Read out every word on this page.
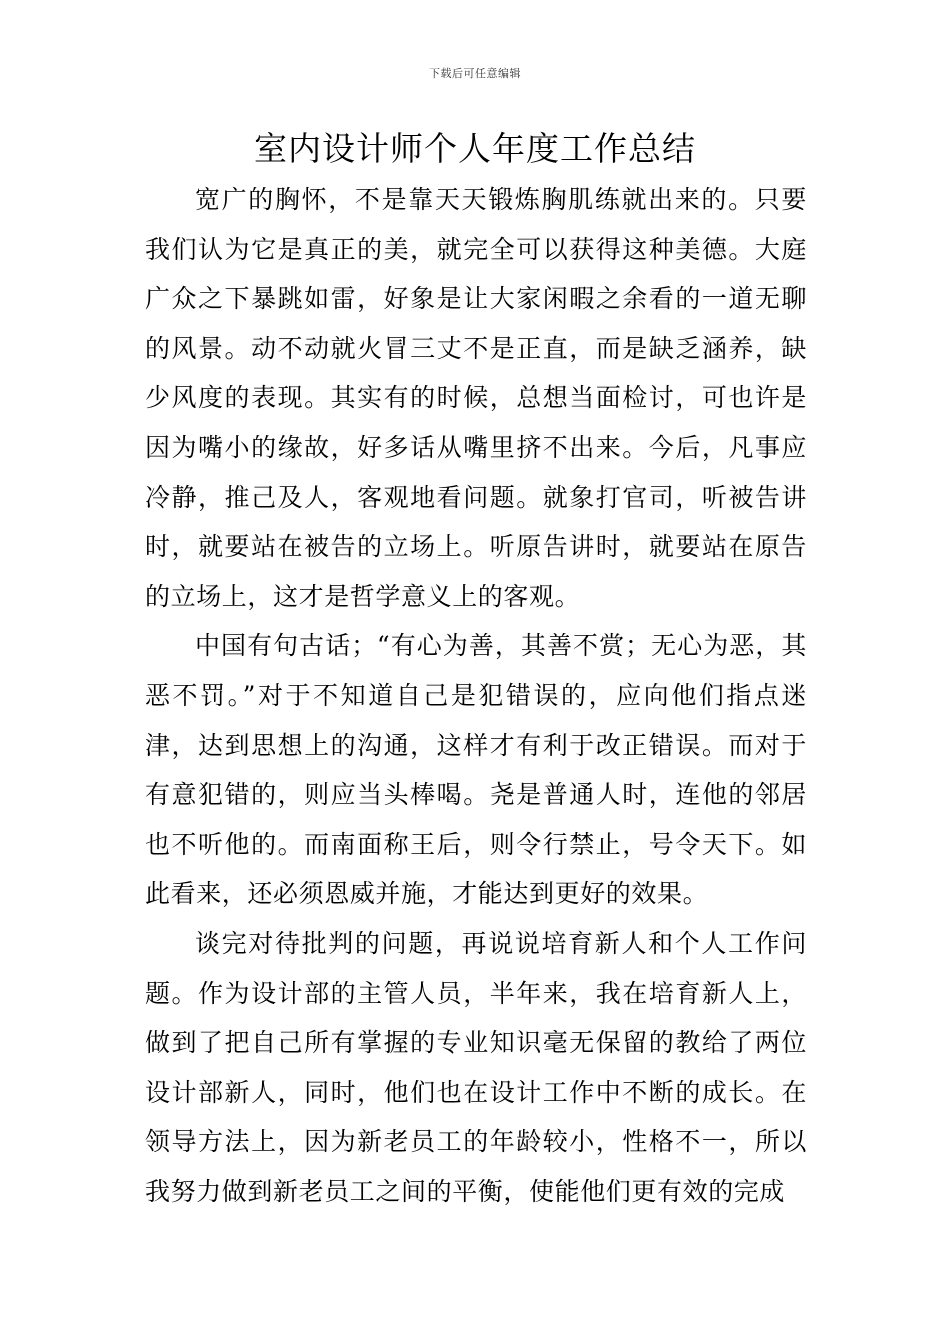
下载后可任意编辑
室内设计师个人年度工作总结

宽广的胸怀，不是靠天天锻炼胸肌练就出来的。只要我们认为它是真正的美，就完全可以获得这种美德。大庭广众之下暴跳如雷，好象是让大家闲暇之余看的一道无聊的风景。动不动就火冒三丈不是正直，而是缺乏涵养，缺少风度的表现。其实有的时候，总想当面检讨，可也许是因为嘴小的缘故，好多话从嘴里挤不出来。今后，凡事应冷静，推己及人，客观地看问题。就象打官司，听被告讲时，就要站在被告的立场上。听原告讲时，就要站在原告的立场上，这才是哲学意义上的客观。

中国有句古话；“有心为善，其善不赏；无心为恶，其恶不罚。”对于不知道自己是犯错误的，应向他们指点迷津，达到思想上的沟通，这样才有利于改正错误。而对于有意犯错的，则应当头棒喝。尧是普通人时，连他的邻居也不听他的。而南面称王后，则令行禁止，号令天下。如此看来，还必须恩威并施，才能达到更好的效果。

谈完对待批判的问题，再说说培育新人和个人工作问题。作为设计部的主管人员，半年来，我在培育新人上，做到了把自己所有掌握的专业知识毫无保留的教给了两位设计部新人，同时，他们也在设计工作中不断的成长。在领导方法上，因为新老员工的年龄较小，性格不一，所以我努力做到新老员工之间的平衡，使能他们更有效的完成
